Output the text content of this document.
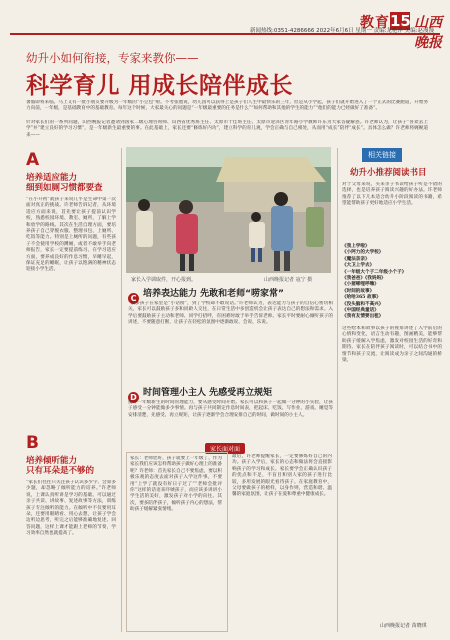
教育 15 山西晚报
新闻热线:0351-4286666 2022年6月6日 星期一 责编:龙艳萍 美编:赵漫漫
幼升小如何衔接，专家来教你——
科学育儿 用成长陪伴成长
暑假即将来临，马上又有一批小朋友要升级为一年级的“小豆包”啦。不考张他说，幼儿园可以获得上是孩子们人生中最快乐的三年，但是从小学起，孩子们就开始进入了一个正式的比赛跑道，开始努力向前，一年级，是基础教育中的基础教育。每年这个时候，大家最关心的问题是“一年级最重要的任务是什么”“如何帮助和其他的学生的能力”“他们的能力已经做好了准备”。
针对家长们的一系列问题，山西晚报记者邀请到国家二级心理咨询师、山西省优秀班主任、太原市十佳班主任、太原市迎泽区青年路小学教师许东为大家答疑解惑。许老师认为，让孩子“喜欢去上学”并“建立良好的学习习惯”，是一年级新生最重要的事。在此基础上，家长还要“修炼好内功”，建立科学的育儿观，学会正确与自己相处，从而用“成长”陪伴“成长”。具体怎么做？许老师将娓娓道来——
A
培养适应能力
细到如厕习惯都要查
“在小升初”就孩子来说几乎是生命中第一次面对真正的挑战。许老师告诉记者，从环境适应方面来说，首先要让孩子提前认识学校，熟悉校园环境、教室、厕所，了解上学和放学的路线。其次在生活自理方面，要培养孩子自己穿脱衣服、整理书包、上厕所、吃饭等能力。特别是上厕所的问题，有些孩子不会使用学校的蹲厕，或者不敢举手向老师报告，家长一定要提前练习。在学习适应方面，要养成良好的作息习惯，早睡早起，保证充足的睡眠，让孩子以饱满的精神状态迎接小学生活。
B
培养倾听能力
只有耳朵是不够的
“家长们往往只关注孩子认识多少字、会算多少题，却忽略了倾听能力的培养。”许老师说，上课认真听讲是学习的基础。可以通过亲子共读、讲故事、复述故事等方法，训练孩子专注倾听的能力。在倾听中不仅要用耳朵，还要用眼睛看、用心去想，让孩子学会边听边思考，听完之后能够准确地复述、回答问题，这样上课才能跟上老师的节奏，学习效率自然也就提高了。
家长入学调取件，开心报到。	山西晚报记者 寇宁 摄
C 培养表达能力 先敢和老师“唠家常”
“很多孩子在家里是“小话痨”，到了学校却不敢说话。”许老师认为，表达能力与孩子的自信心密切相关。家长可以鼓励孩子多和同龄人交往，在日常生活中多创造机会让孩子表达自己的想法和需求。入学后要鼓励孩子主动和老师、同学打招呼，有困难时敢于举手告诉老师。家长平时要耐心倾听孩子的讲述，不要随意打断，让孩子在轻松的氛围中逐渐敢说、会说、乐说。
D 时间管理小主人 先感受再立规矩
提升一年级新生的时间管理能力，要从感受时间开始。家长可以和孩子一起做一分钟的小实验，让孩子感受一分钟能做多少事情。再与孩子共同制定作息时间表，把起床、吃饭、写作业、游戏、睡觉等安排清楚，先感受、再立规矩，让孩子逐渐学会合理安排自己的时间，做时间的小主人。
家长面对面
家长：老师您好，孩子就要上一年级了，作为家长我们应该怎样帮助孩子做好心理上的准备呢？许老师：首先家长自己不要焦虑，要以积极乐观的态度去面对孩子入学这件事。不要用“上学了就没有好日子过了”“老师会批评你”这样的话语来吓唬孩子，而应该多讲讲小学生活的美好，激发孩子对小学的向往。其次，要多陪伴孩子，倾听孩子内心的想法，帮助孩子缓解紧张情绪。
最后，许老师提醒家长，一定要修炼好自己的内功。孩子入学后，家长的心态和做法将会直接影响孩子的学习和成长。家长要学会正确认识孩子的优点和不足，不盲目和别人家的孩子进行比较，多用发展的眼光看待孩子。在家庭教育中，父母要做孩子的榜样，以身作则，营造和谐、温馨的家庭氛围，让孩子在爱和尊重中健康成长。
相关链接
幼升小推荐阅读书目
对于父母来说，买来亲子书读给孩子听是不错的选择，也是培养孩子阅读兴趣的好办法。许老师推荐了以下几本适合幼升小阶段阅读的书籍，希望能帮助孩子更好地适应小学生活。
《我上学啦》
《小阿力的大学校》
《魔法亲亲》
《大卫上学去》
《一年级大个子二年级小个子》
《我爸爸》《我妈妈》
《小猪唏哩呼噜》
《时间的故事》
《哈哈365 故事》
《没头脑和不高兴》
《中国经典童话》
《我有友情要出租》
这些绘本和故事以孩子的视角讲述了入学前后的心情和变化，语言生动有趣，图画精美，能够帮助孩子缓解入学焦虑，激发对校园生活的好奇和期待。家长在陪伴孩子阅读时，可以结合书中的情节和孩子交流，让阅读成为亲子之间沟通的桥梁。
山西晚报记者 苗晓琪
